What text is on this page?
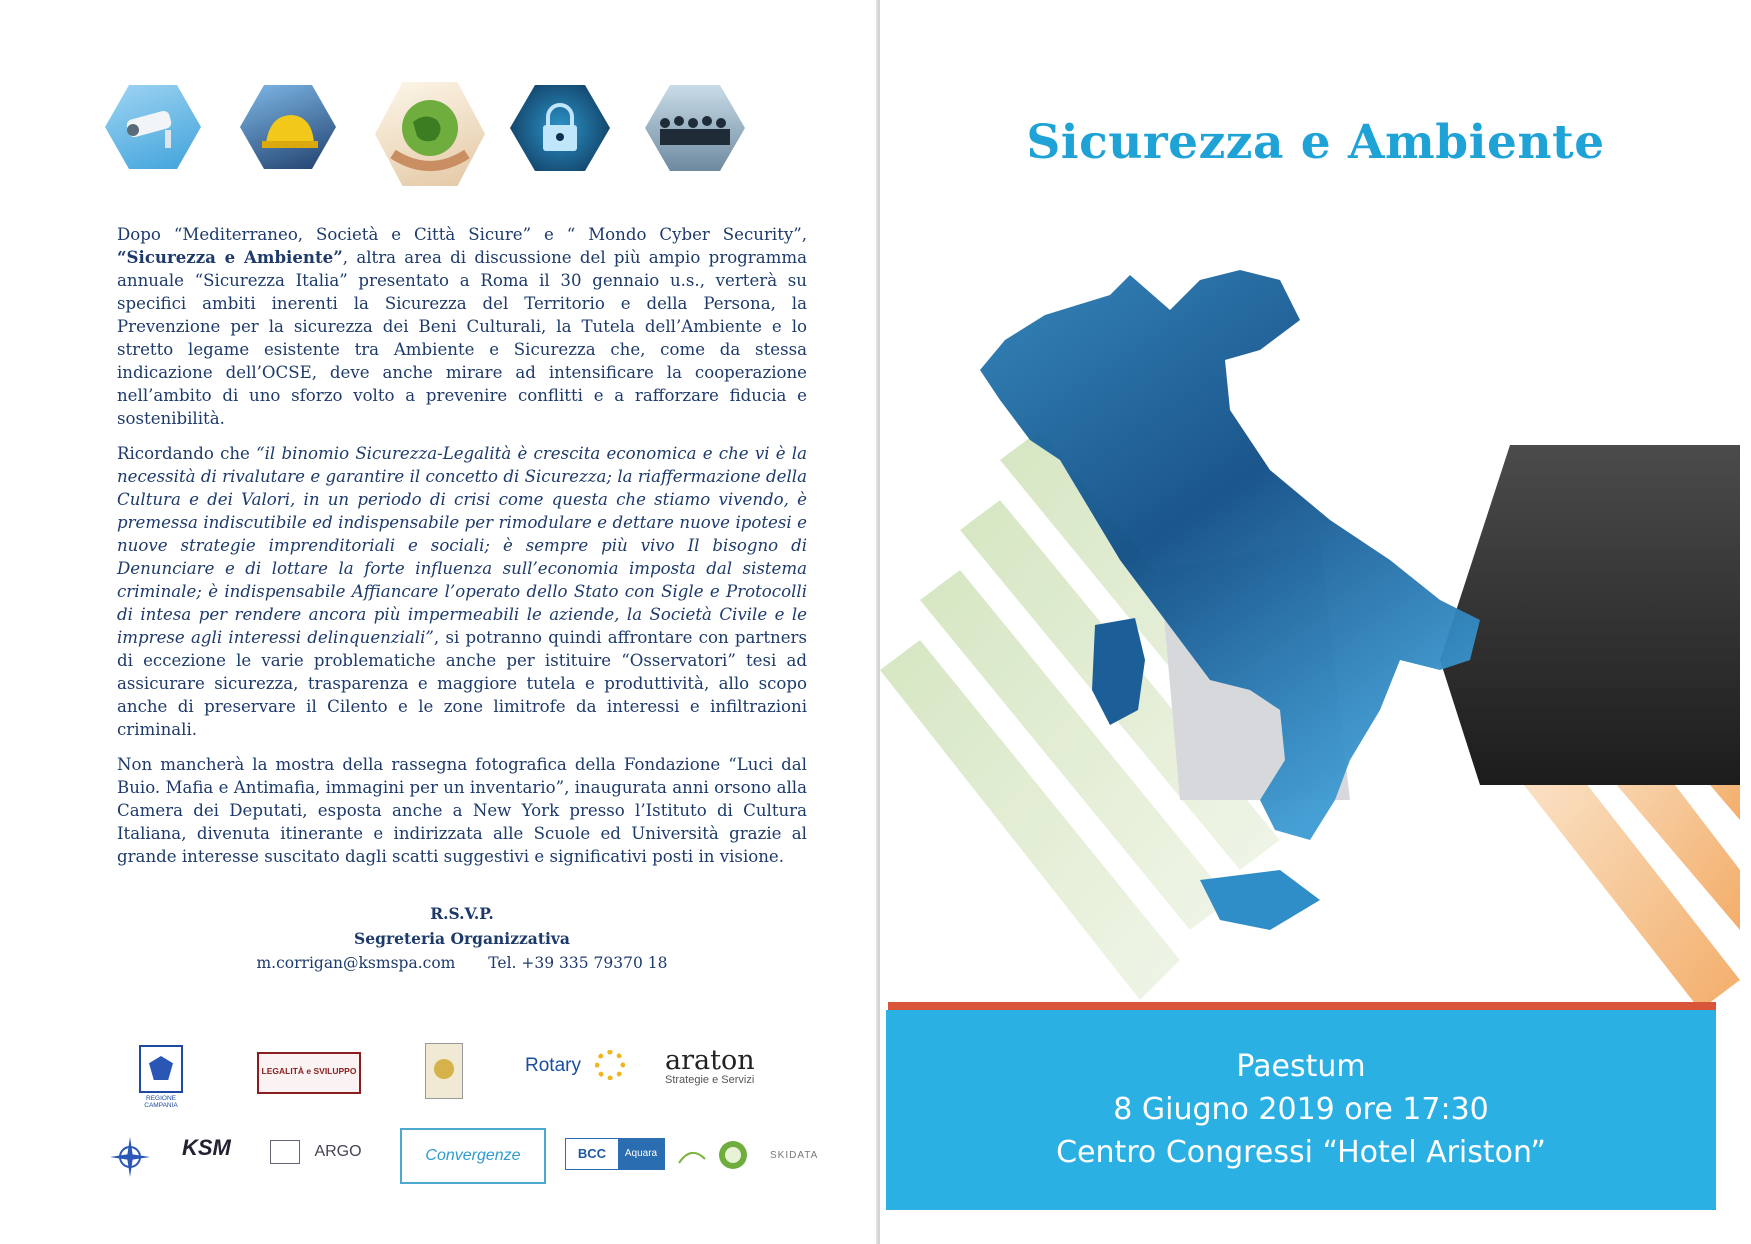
Dopo “Mediterraneo, Società e Città Sicure” e “ Mondo Cyber Security”, “Sicurezza e Ambiente”, altra area di discussione del più ampio programma annuale “Sicurezza Italia” presentato a Roma il 30 gennaio u.s., verterà su specifici ambiti inerenti la Sicurezza del Territorio e della Persona, la Prevenzione per la sicurezza dei Beni Culturali, la Tutela dell’Ambiente e lo stretto legame esistente tra Ambiente e Sicurezza che, come da stessa indicazione dell’OCSE, deve anche mirare ad intensificare la cooperazione nell’ambito di uno sforzo volto a prevenire conflitti e a rafforzare fiducia e sostenibilità.

Ricordando che “il binomio Sicurezza-Legalità è crescita economica e che vi è la necessità di rivalutare e garantire il concetto di Sicurezza; la riaffermazione della Cultura e dei Valori, in un periodo di crisi come questa che stiamo vivendo, è premessa indiscutibile ed indispensabile per rimodulare e dettare nuove ipotesi e nuove strategie imprenditoriali e sociali; è sempre più vivo Il bisogno di Denunciare e di lottare la forte influenza sull’economia imposta dal sistema criminale; è indispensabile Affiancare l’operato dello Stato con Sigle e Protocolli di intesa per rendere ancora più impermeabili le aziende, la Società Civile e le imprese agli interessi delinquenziali”, si potranno quindi affrontare con partners di eccezione le varie problematiche anche per istituire “Osservatori” tesi ad assicurare sicurezza, trasparenza e maggiore tutela e produttività, allo scopo anche di preservare il Cilento e le zone limitrofe da interessi e infiltrazioni criminali.

Non mancherà la mostra della rassegna fotografica della Fondazione “Luci dal Buio. Mafia e Antimafia, immagini per un inventario”, inaugurata anni orsono alla Camera dei Deputati, esposta anche a New York presso l’Istituto di Cultura Italiana, divenuta itinerante e indirizzata alle Scuole ed Università grazie al grande interesse suscitato dagli scatti suggestivi e significativi posti in visione.

R.S.V.P.
Segreteria Organizzativa
m.corrigan@ksmspa.com Tel. +39 335 79370 18
REGIONE CAMPANIA
LEGALITÀ e SVILUPPO	Rotary	araton
Strategie e Servizi
KSM	ARGO	Convergenze	BCC Aquara	SKIDATA
Sicurezza e Ambiente
Paestum
8 Giugno 2019 ore 17:30
Centro Congressi “Hotel Ariston”
